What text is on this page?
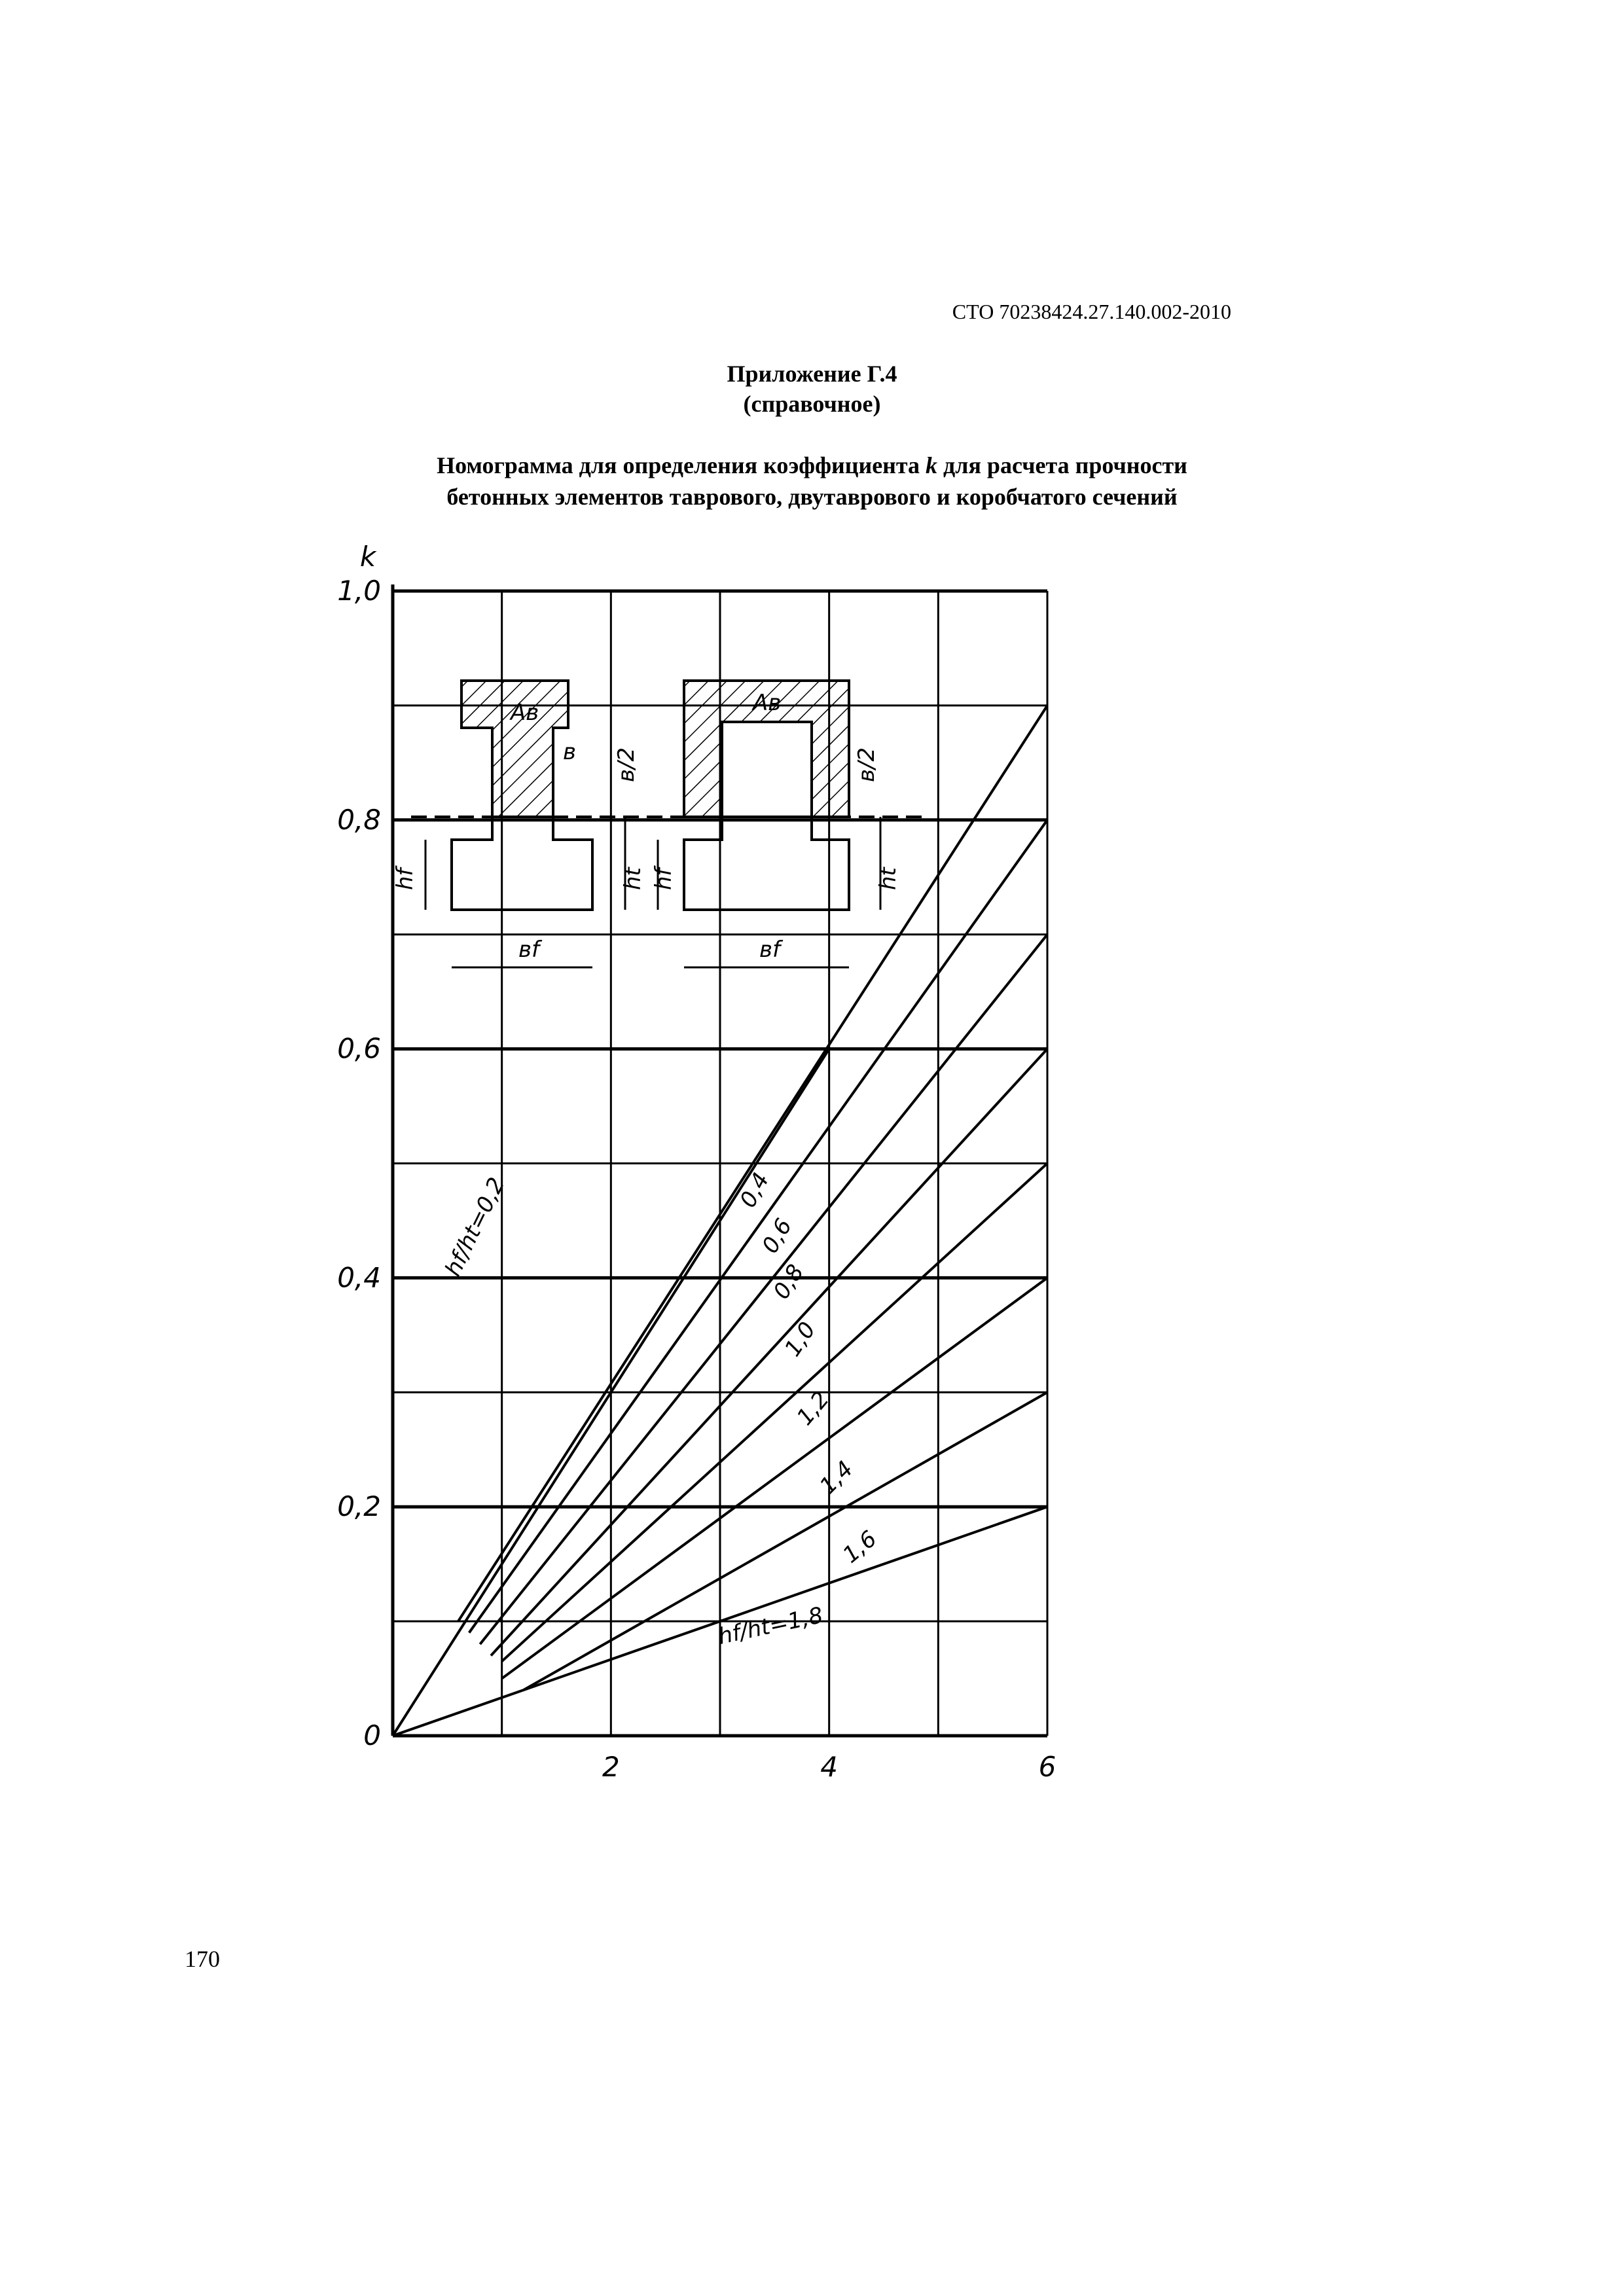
СТО 70238424.27.140.002-2010
Приложение Г.4
(справочное)
Номограмма для определения коэффициента k для расчета прочности
бетонных элементов таврового, двутаврового и коробчатого сечений
0
0,2
0,4
0,6
0,8
1,0
k
2	4	6
hf/ht=0,2	0,4
0,6
0,8
1,0
1,2
1,4
1,6
hf/ht=1,8
Aв	Aв
в в/2	в/2
hf	ht hf	ht
вf	вf
170
